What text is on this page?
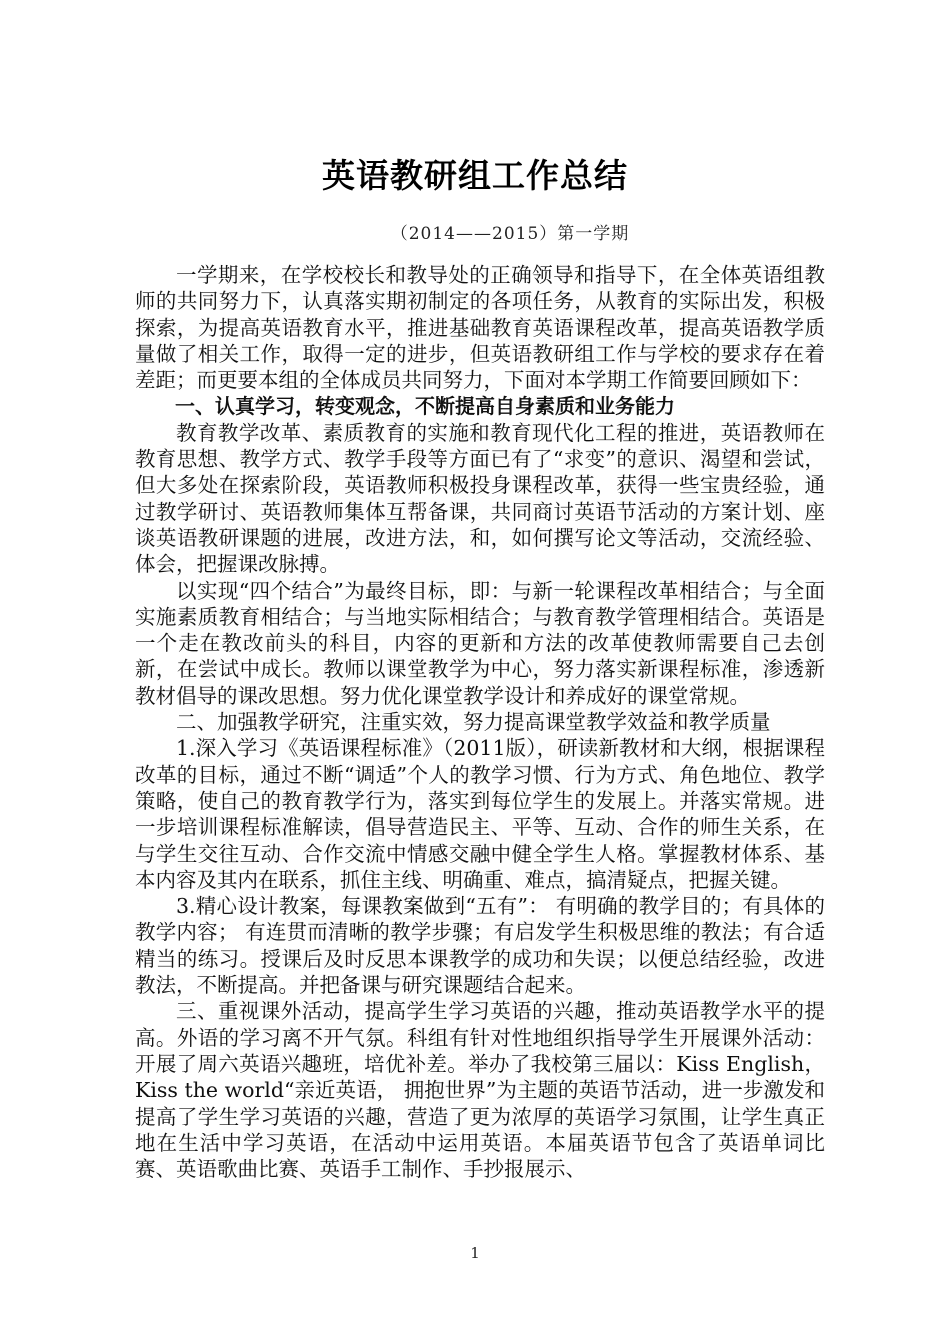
英语教研组工作总结
（2014——2015）第一学期

一学期来，在学校校长和教导处的正确领导和指导下，在全体英语组教师的共同努力下，认真落实期初制定的各项任务，从教育的实际出发，积极探索，为提高英语教育水平，推进基础教育英语课程改革，提高英语教学质量做了相关工作，取得一定的进步，但英语教研组工作与学校的要求存在着差距；而更要本组的全体成员共同努力，下面对本学期工作简要回顾如下：

一、认真学习，转变观念，不断提高自身素质和业务能力

教育教学改革、素质教育的实施和教育现代化工程的推进，英语教师在教育思想、教学方式、教学手段等方面已有了“求变”的意识、渴望和尝试，但大多处在探索阶段，英语教师积极投身课程改革，获得一些宝贵经验，通过教学研讨、英语教师集体互帮备课，共同商讨英语节活动的方案计划、座谈英语教研课题的进展，改进方法，和，如何撰写论文等活动，交流经验、体会，把握课改脉搏。

以实现“四个结合”为最终目标，即：与新一轮课程改革相结合；与全面实施素质教育相结合；与当地实际相结合；与教育教学管理相结合。英语是一个走在教改前头的科目，内容的更新和方法的改革使教师需要自己去创新，在尝试中成长。教师以课堂教学为中心，努力落实新课程标准，渗透新教材倡导的课改思想。努力优化课堂教学设计和养成好的课堂常规。

二、加强教学研究，注重实效，努力提高课堂教学效益和教学质量

1.深入学习《英语课程标准》（2011版），研读新教材和大纲，根据课程改革的目标，通过不断“调适”个人的教学习惯、行为方式、角色地位、教学策略，使自己的教育教学行为，落实到每位学生的发展上。并落实常规。进一步培训课程标准解读，倡导营造民主、平等、互动、合作的师生关系，在与学生交往互动、合作交流中情感交融中健全学生人格。掌握教材体系、基本内容及其内在联系，抓住主线、明确重、难点，搞清疑点，把握关键。

3.精心设计教案，每课教案做到“五有”： 有明确的教学目的；有具体的教学内容； 有连贯而清晰的教学步骤；有启发学生积极思维的教法；有合适精当的练习。授课后及时反思本课教学的成功和失误；以便总结经验，改进教法，不断提高。并把备课与研究课题结合起来。

三、重视课外活动，提高学生学习英语的兴趣，推动英语教学水平的提高。外语的学习离不开气氛。科组有针对性地组织指导学生开展课外活动：开展了周六英语兴趣班，培优补差。举办了我校第三届以：Kiss English，Kiss the world“亲近英语， 拥抱世界”为主题的英语节活动，进一步激发和提高了学生学习英语的兴趣，营造了更为浓厚的英语学习氛围，让学生真正地在生活中学习英语，在活动中运用英语。本届英语节包含了英语单词比赛、英语歌曲比赛、英语手工制作、手抄报展示、

1
